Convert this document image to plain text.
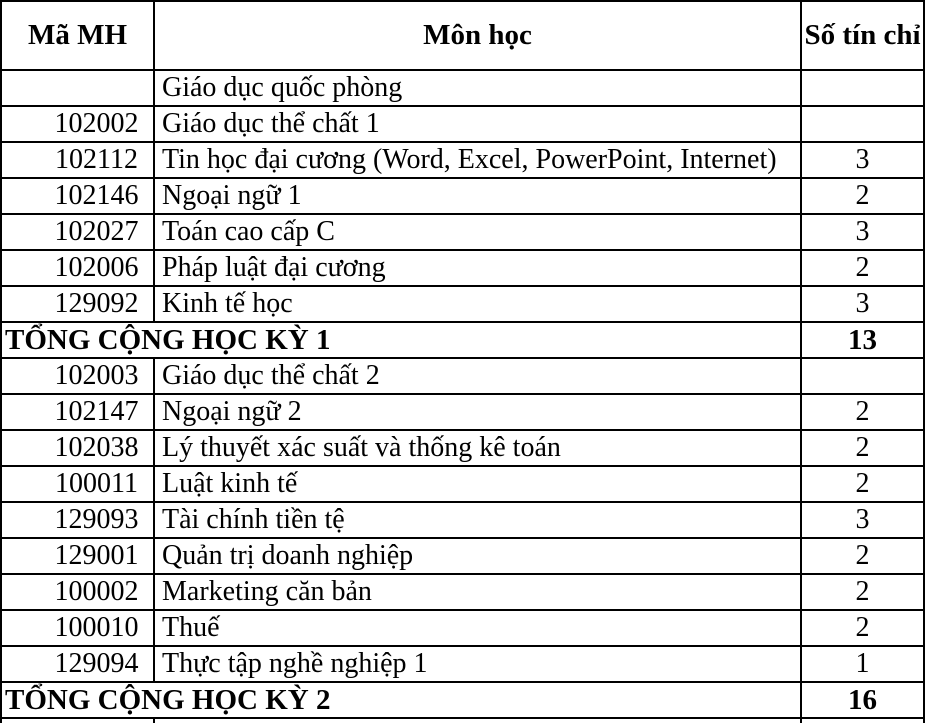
Mã MH	Môn học	Số tín chỉ
	Giáo dục quốc phòng	
102002	Giáo dục thể chất 1	
102112	Tin học đại cương (Word, Excel, PowerPoint, Internet)	3
102146	Ngoại ngữ 1	2
102027	Toán cao cấp C	3
102006	Pháp luật đại cương	2
129092	Kinh tế học	3
TỔNG CỘNG HỌC KỲ 1		13
102003	Giáo dục thể chất 2	
102147	Ngoại ngữ 2	2
102038	Lý thuyết xác suất và thống kê toán	2
100011	Luật kinh tế	2
129093	Tài chính tiền tệ	3
129001	Quản trị doanh nghiệp	2
100002	Marketing căn bản	2
100010	Thuế	2
129094	Thực tập nghề nghiệp 1	1
TỔNG CỘNG HỌC KỲ 2		16
